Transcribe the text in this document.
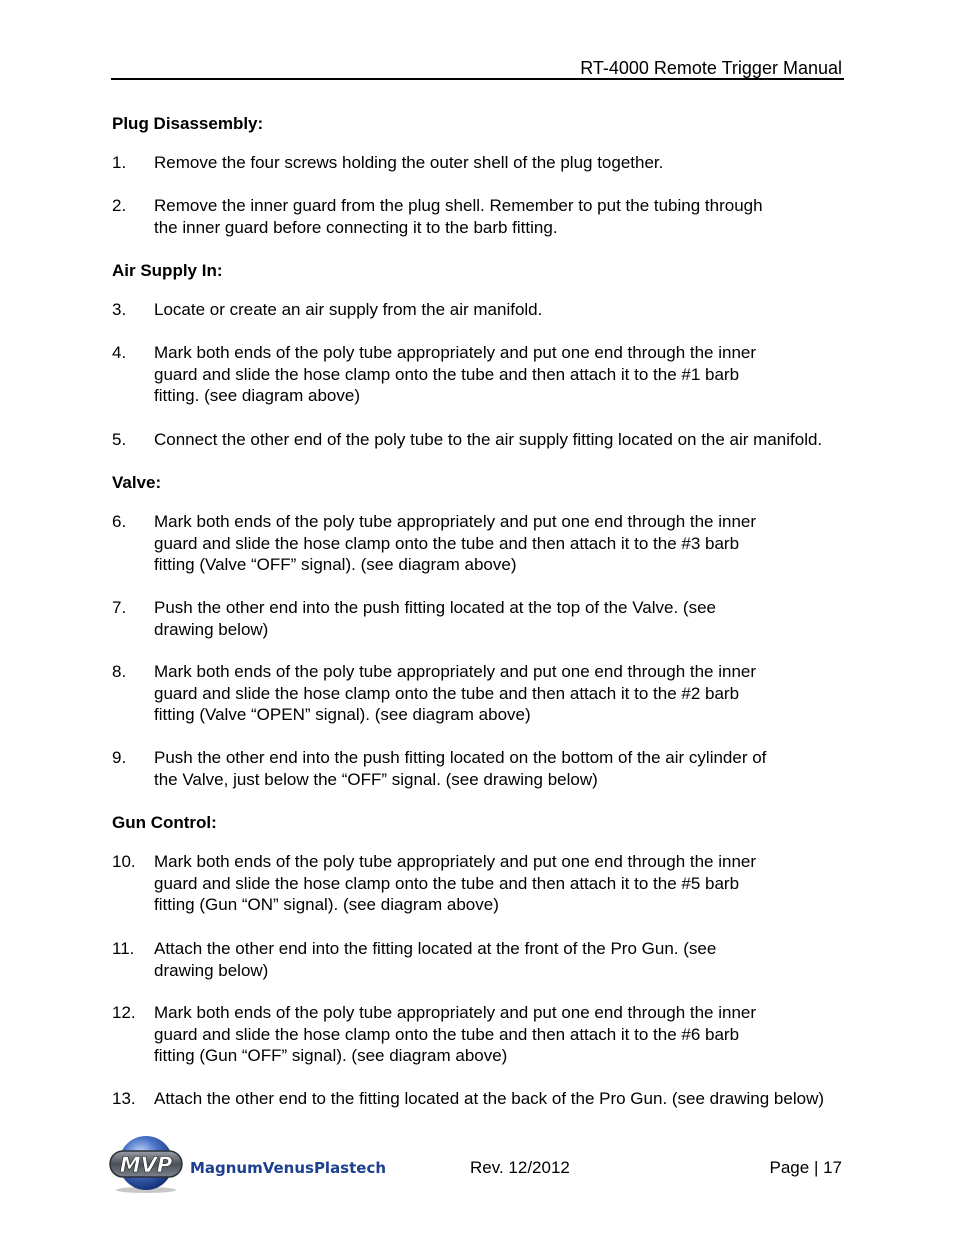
RT-4000 Remote Trigger Manual
Plug Disassembly:
1. Remove the four screws holding the outer shell of the plug together.
2. Remove the inner guard from the plug shell. Remember to put the tubing through
the inner guard before connecting it to the barb fitting.
Air Supply In:
3. Locate or create an air supply from the air manifold.
4. Mark both ends of the poly tube appropriately and put one end through the inner
guard and slide the hose clamp onto the tube and then attach it to the #1 barb
fitting. (see diagram above)
5. Connect the other end of the poly tube to the air supply fitting located on the air manifold.
Valve:
6. Mark both ends of the poly tube appropriately and put one end through the inner
guard and slide the hose clamp onto the tube and then attach it to the #3 barb
fitting (Valve “OFF” signal). (see diagram above)
7. Push the other end into the push fitting located at the top of the Valve. (see
drawing below)
8. Mark both ends of the poly tube appropriately and put one end through the inner
guard and slide the hose clamp onto the tube and then attach it to the #2 barb
fitting (Valve “OPEN” signal). (see diagram above)
9. Push the other end into the push fitting located on the bottom of the air cylinder of
the Valve, just below the “OFF” signal. (see drawing below)
Gun Control:
10. Mark both ends of the poly tube appropriately and put one end through the inner
guard and slide the hose clamp onto the tube and then attach it to the #5 barb
fitting (Gun “ON” signal). (see diagram above)
11. Attach the other end into the fitting located at the front of the Pro Gun. (see
drawing below)
12. Mark both ends of the poly tube appropriately and put one end through the inner
guard and slide the hose clamp onto the tube and then attach it to the #6 barb
fitting (Gun “OFF” signal). (see diagram above)
13. Attach the other end to the fitting located at the back of the Pro Gun. (see drawing below)
MVP MagnumVenusPlastech	Rev. 12/2012	Page | 17
